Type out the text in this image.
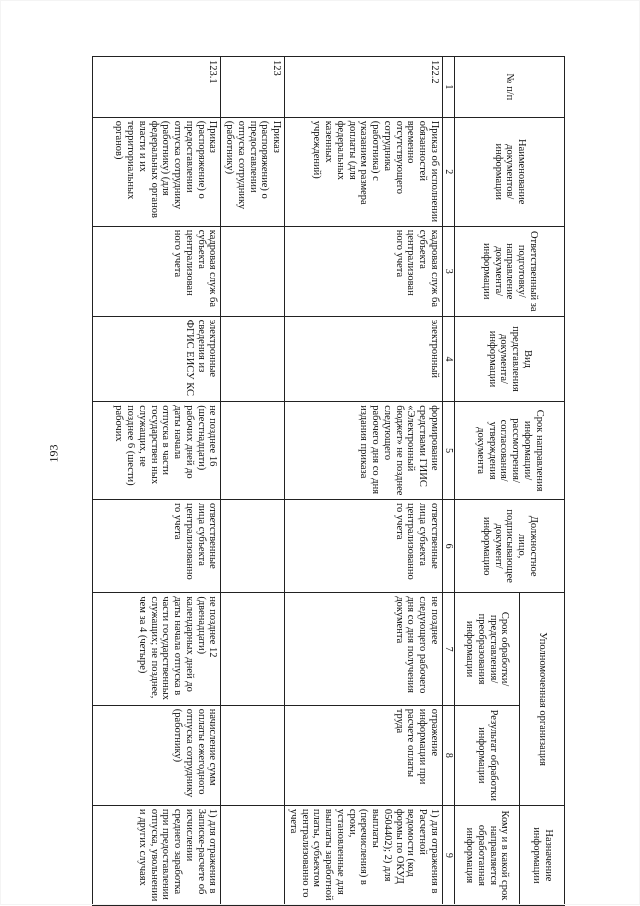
193
№ п/п	Наименование документов/ информации	Ответственный за подготовку/ направление документа/ информации	Вид представления документа/ информации	Срок направления информации/ рассмотрения/ согласования/ утверждения документа	Должностное лицо, подписывающее документ/ информацию	Уполномоченная организация		Назначение информации
						Срок обработки/ представления/ преобразования информации	Результат обработки информации	Кому и в какой срок направляется обработанная информация
1	2	3	4	5	6	7	8	9
122.2	Приказ об исполнении обязанностей временно отсутствующего сотрудника (работника) с указанием размера доплаты (для федеральных казенных учреждений)	кадровая служ ба субъекта централизован ного учета	электронный	формирование средствами ГИИС «Электронный бюджет» не позднее следующего рабочего дня со дня издания приказа	ответственные лица субъекта централизованно го учета	не позднее следующего рабочего дня со дня получения документа	отражение информации при расчете оплаты труда	1) для отражения в Расчетной ведомости (код формы по ОКУД 0504402); 2) для выплаты (перечисления) в сроки, установленные для выплаты заработной платы, субъектом централизованно го учета
123	Приказ (распоряжение) о предоставлении отпуска сотруднику (работнику)							
123.1	Приказ (распоряжение) о предоставлении отпуска сотруднику (работнику) (для федеральных органов власти и их территориальных органов)	кадровая служ ба субъекта централизован ного учета	электронные сведения из ФГИС ЕИСУ КС	не позднее 16 (шестнадцати) рабочих дней до даты начала отпуска в части государствен ных служащих, не позднее 6 (шести) рабочих	ответственные лица субъекта централизованно го учета	не позднее 12 (двенадцати) календарных дней до даты начала отпуска в части государственных служащих; не позднее, чем за 4 (четыре)	начисление сумм оплаты ежегодного отпуска сотруднику (работнику)	1) для отражения в Записке-расчете об исчислении среднего заработка при предоставлении отпуска, увольнении и других случаях
